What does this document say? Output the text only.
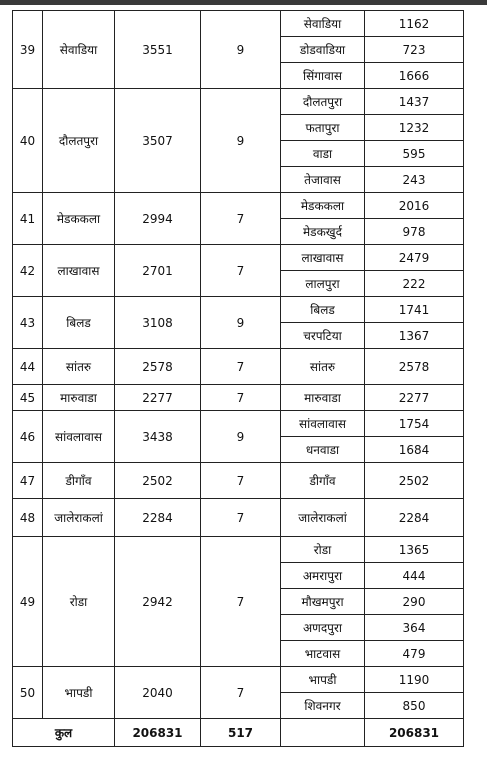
39	सेवाडिया	3551	9	सेवाडिया	1162
				डोडवाडिया	723
				सिंगावास	1666
40	दौलतपुरा	3507	9	दौलतपुरा	1437
				फतापुरा	1232
				वाडा	595
				तेजावास	243
41	मेडककला	2994	7	मेडककला	2016
				मेडकखुर्द	978
42	लाखावास	2701	7	लाखावास	2479
				लालपुरा	222
43	बिलड	3108	9	बिलड	1741
				चरपटिया	1367
44	सांतरु	2578	7	सांतरु	2578
45	मारुवाडा	2277	7	मारुवाडा	2277
46	सांवलावास	3438	9	सांवलावास	1754
				धनवाडा	1684
47	डीगाँव	2502	7	डीगाँव	2502
48	जालेराकलां	2284	7	जालेराकलां	2284
49	रोडा	2942	7	रोडा	1365
				अमरापुरा	444
				मौखमपुरा	290
				अणदपुरा	364
				भाटवास	479
50	भापडी	2040	7	भापडी	1190
				शिवनगर	850
कुल		206831	517		206831
